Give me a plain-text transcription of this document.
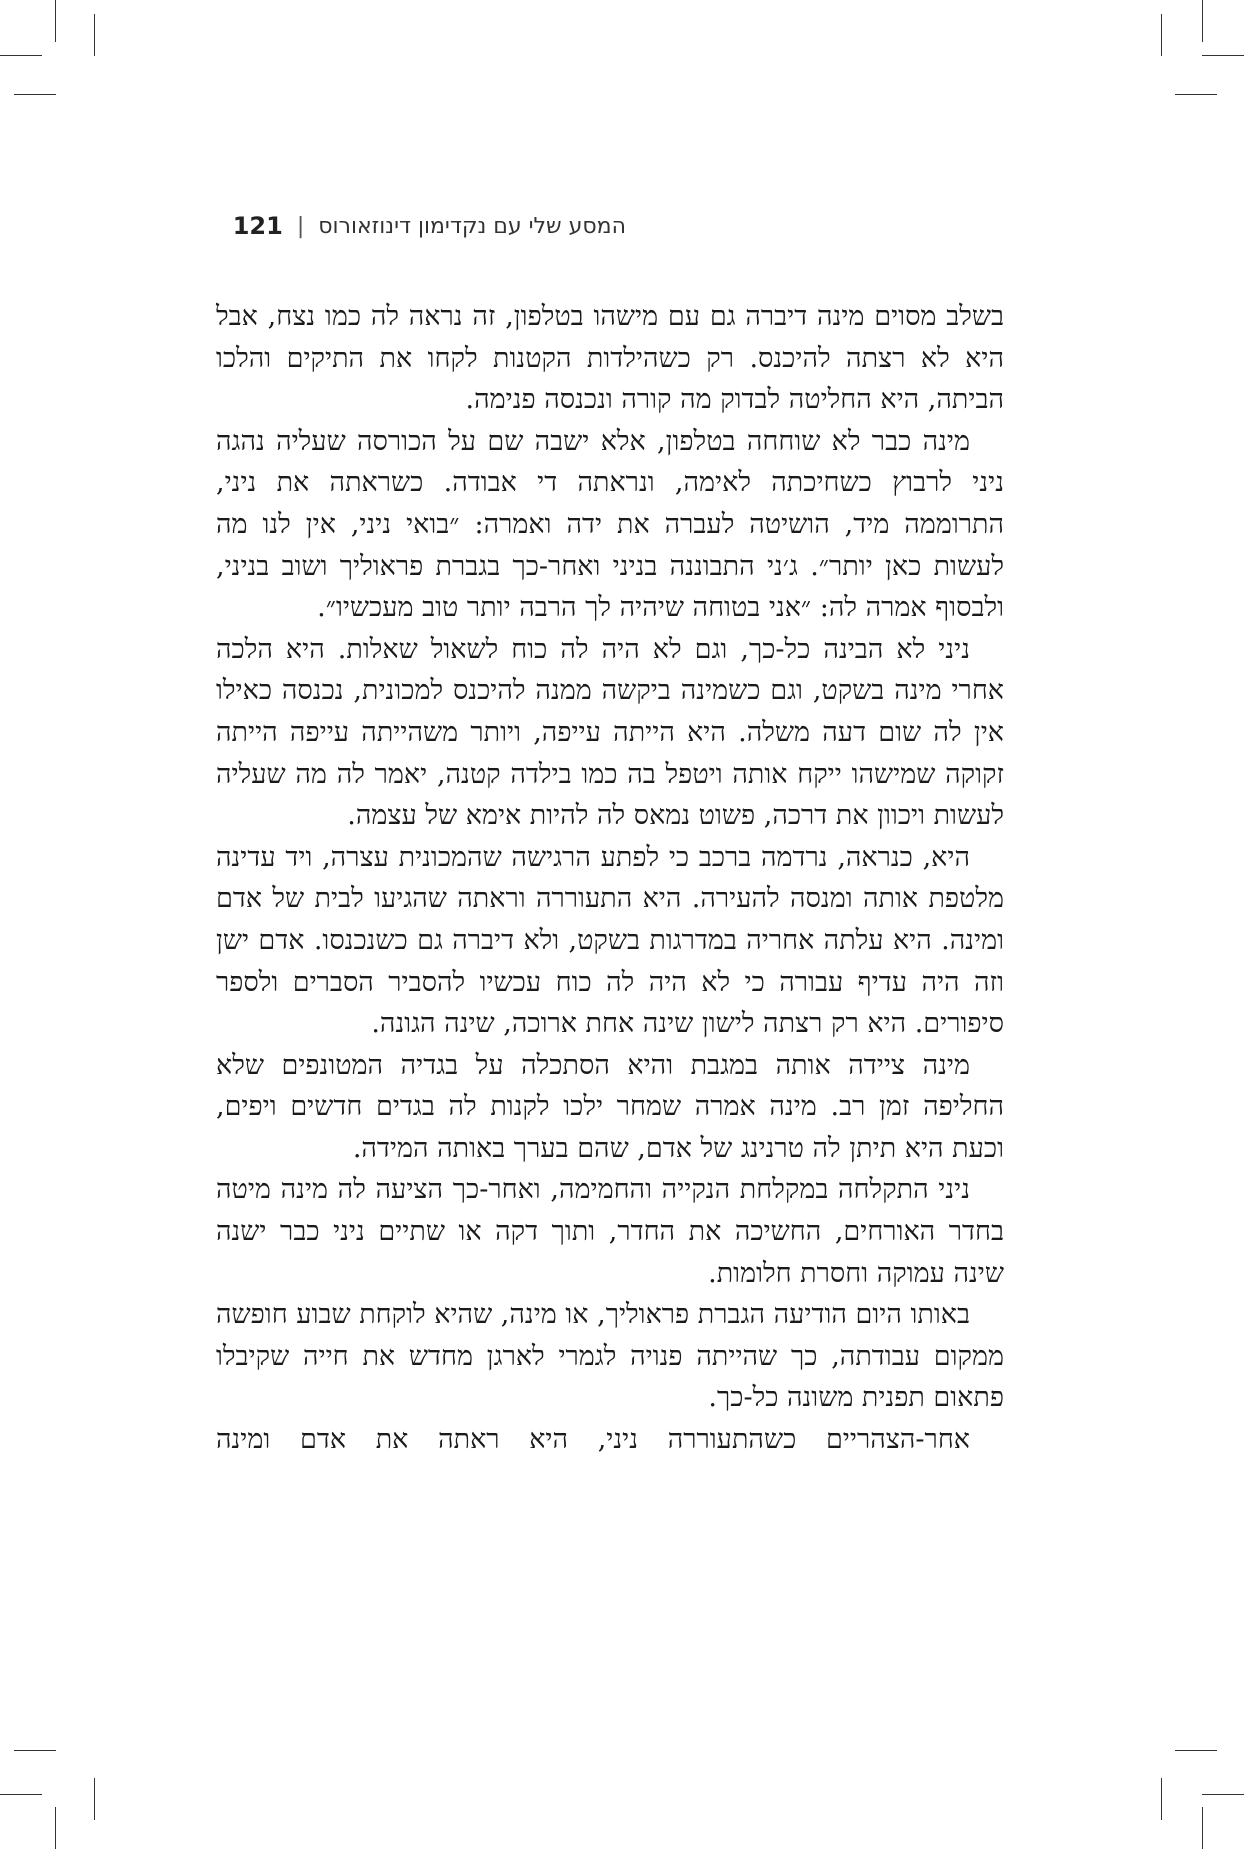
121 | המסע שלי עם נקדימון דינוזאורוס

בשלב מסוים מינה דיברה גם עם מישהו בטלפון, זה נראה לה כמו נצח, אבל היא לא רצתה להיכנס. רק כשהילדות הקטנות לקחו את התיקים והלכו הביתה, היא החליטה לבדוק מה קורה ונכנסה פנימה.

מינה כבר לא שוחחה בטלפון, אלא ישבה שם על הכורסה שעליה נהגה ניני לרבוץ כשחיכתה לאימה, ונראתה די אבודה. כשראתה את ניני, התרוממה מיד, הושיטה לעברה את ידה ואמרה: ״בואי ניני, אין לנו מה לעשות כאן יותר״. ג׳ני התבוננה בניני ואחר-כך בגברת פראוליך ושוב בניני, ולבסוף אמרה לה: ״אני בטוחה שיהיה לך הרבה יותר טוב מעכשיו״.

ניני לא הבינה כל-כך, וגם לא היה לה כוח לשאול שאלות. היא הלכה אחרי מינה בשקט, וגם כשמינה ביקשה ממנה להיכנס למכונית, נכנסה כאילו אין לה שום דעה משלה. היא הייתה עייפה, ויותר משהייתה עייפה הייתה זקוקה שמישהו ייקח אותה ויטפל בה כמו בילדה קטנה, יאמר לה מה שעליה לעשות ויכוון את דרכה, פשוט נמאס לה להיות אימא של עצמה.

היא, כנראה, נרדמה ברכב כי לפתע הרגישה שהמכונית עצרה, ויד עדינה מלטפת אותה ומנסה להעירה. היא התעוררה וראתה שהגיעו לבית של אדם ומינה. היא עלתה אחריה במדרגות בשקט, ולא דיברה גם כשנכנסו. אדם ישן וזה היה עדיף עבורה כי לא היה לה כוח עכשיו להסביר הסברים ולספר סיפורים. היא רק רצתה לישון שינה אחת ארוכה, שינה הגונה.

מינה ציידה אותה במגבת והיא הסתכלה על בגדיה המטונפים שלא החליפה זמן רב. מינה אמרה שמחר ילכו לקנות לה בגדים חדשים ויפים, וכעת היא תיתן לה טרנינג של אדם, שהם בערך באותה המידה.

ניני התקלחה במקלחת הנקייה והחמימה, ואחר-כך הציעה לה מינה מיטה בחדר האורחים, החשיכה את החדר, ותוך דקה או שתיים ניני כבר ישנה שינה עמוקה וחסרת חלומות.

באותו היום הודיעה הגברת פראוליך, או מינה, שהיא לוקחת שבוע חופשה ממקום עבודתה, כך שהייתה פנויה לגמרי לארגן מחדש את חייה שקיבלו פתאום תפנית משונה כל-כך.

אחר-הצהריים כשהתעוררה ניני, היא ראתה את אדם ומינה
